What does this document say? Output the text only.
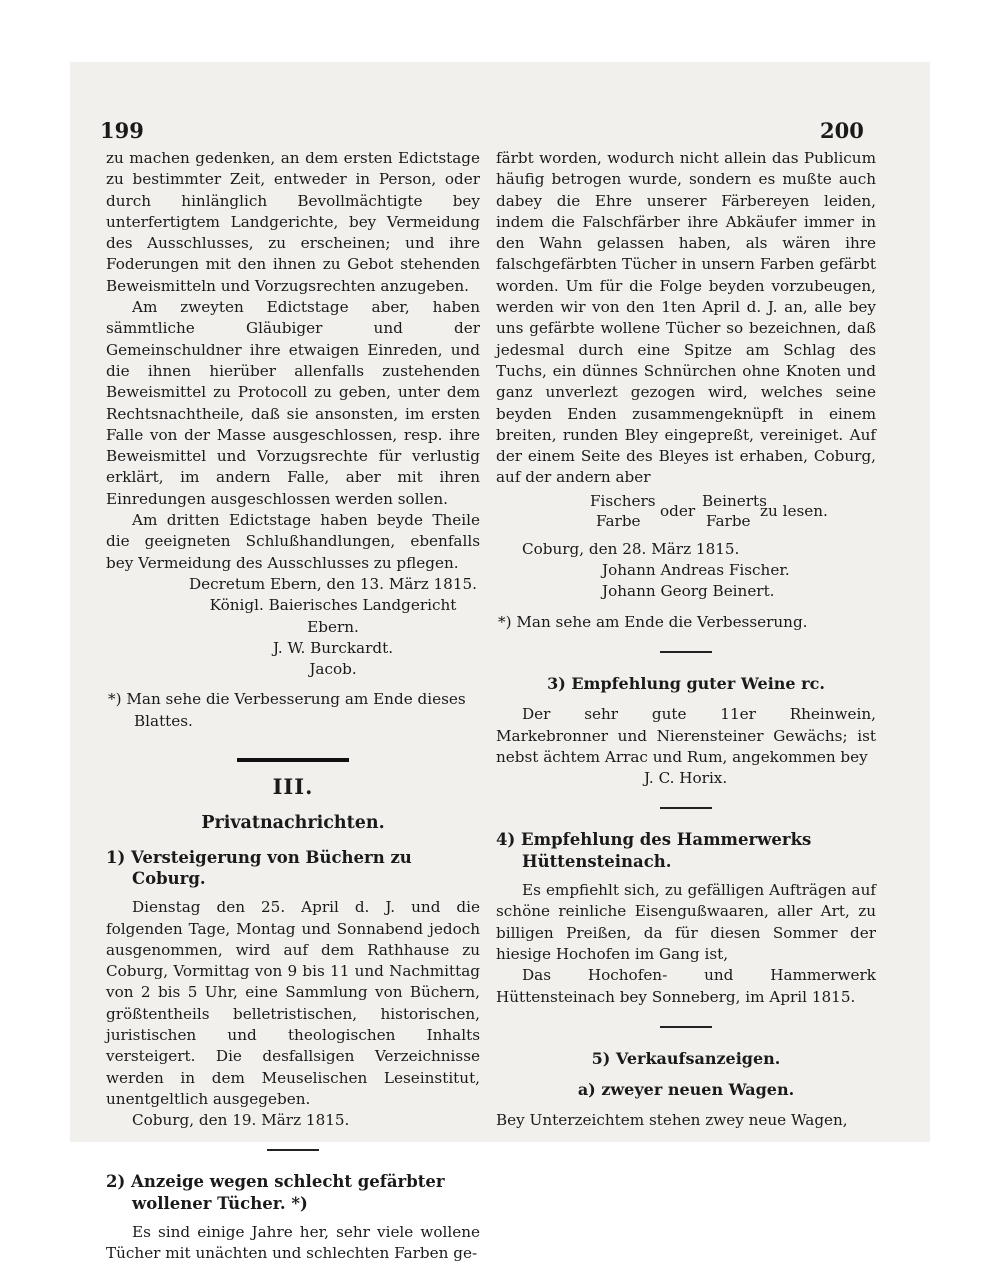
199	200

zu machen gedenken, an dem ersten Edictstage zu bestimmter Zeit, entweder in Person, oder durch hinlänglich Bevollmächtigte bey unterfertigtem Landgerichte, bey Vermeidung des Ausschlusses, zu erscheinen; und ihre Foderungen mit den ihnen zu Gebot stehenden Beweismitteln und Vorzugsrechten anzugeben.

Am zweyten Edictstage aber, haben sämmtliche Gläubiger und der Gemeinschuldner ihre etwaigen Einreden, und die ihnen hierüber allenfalls zustehenden Beweismittel zu Protocoll zu geben, unter dem Rechtsnachtheile, daß sie ansonsten, im ersten Falle von der Masse ausgeschlossen, resp. ihre Beweismittel und Vorzugsrechte für verlustig erklärt, im andern Falle, aber mit ihren Einredungen ausgeschlossen werden sollen.

Am dritten Edictstage haben beyde Theile die geeigneten Schlußhandlungen, ebenfalls bey Vermeidung des Ausschlusses zu pflegen.

Decretum Ebern, den 13. März 1815.

Königl. Baierisches Landgericht Ebern.

J. W. Burckardt.

Jacob.

*) Man sehe die Verbesserung am Ende dieses Blattes.

III.
Privatnachrichten.
1) Versteigerung von Büchern zu Coburg.

Dienstag den 25. April d. J. und die folgenden Tage, Montag und Sonnabend jedoch ausgenommen, wird auf dem Rathhause zu Coburg, Vormittag von 9 bis 11 und Nachmittag von 2 bis 5 Uhr, eine Sammlung von Büchern, größtentheils belletristischen, historischen, juristischen und theologischen Inhalts versteigert. Die desfallsigen Verzeichnisse werden in dem Meuselischen Leseinstitut, unentgeltlich ausgegeben.

Coburg, den 19. März 1815.

2) Anzeige wegen schlecht gefärbter wollener Tücher. *)

Es sind einige Jahre her, sehr viele wollene Tücher mit unächten und schlechten Farben ge-

färbt worden, wodurch nicht allein das Publicum häufig betrogen wurde, sondern es mußte auch dabey die Ehre unserer Färbereyen leiden, indem die Falschfärber ihre Abkäufer immer in den Wahn gelassen haben, als wären ihre falschgefärbten Tücher in unsern Farben gefärbt worden. Um für die Folge beyden vorzubeugen, werden wir von den 1ten April d. J. an, alle bey uns gefärbte wollene Tücher so bezeichnen, daß jedesmal durch eine Spitze am Schlag des Tuchs, ein dünnes Schnürchen ohne Knoten und ganz unverlezt gezogen wird, welches seine beyden Enden zusammengeknüpft in einem breiten, runden Bley eingepreßt, vereiniget. Auf der einem Seite des Bleyes ist erhaben, Coburg, auf der andern aber

Fischers
Farbe
oder
Beinerts
Farbe
zu lesen.

Coburg, den 28. März 1815.

Johann Andreas Fischer.

Johann Georg Beinert.

*) Man sehe am Ende die Verbesserung.

3) Empfehlung guter Weine rc.

Der sehr gute 11er Rheinwein, Markebronner und Nierensteiner Gewächs; ist nebst ächtem Arrac und Rum, angekommen bey

J. C. Horix.

4) Empfehlung des Hammerwerks Hüttensteinach.

Es empfiehlt sich, zu gefälligen Aufträgen auf schöne reinliche Eisengußwaaren, aller Art, zu billigen Preißen, da für diesen Sommer der hiesige Hochofen im Gang ist,

Das Hochofen- und Hammerwerk Hüttensteinach bey Sonneberg, im April 1815.

5) Verkaufsanzeigen.
a) zweyer neuen Wagen.

Bey Unterzeichtem stehen zwey neue Wagen,
